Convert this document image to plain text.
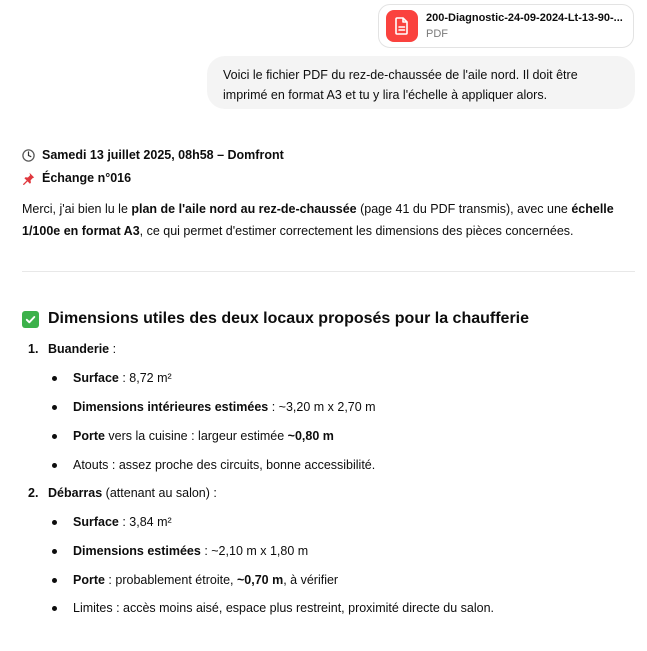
200-Diagnostic-24-09-2024-Lt-13-90-...
PDF
Voici le fichier PDF du rez-de-chaussée de l'aile nord. Il doit être imprimé en format A3 et tu y lira l'échelle à appliquer alors.
Samedi 13 juillet 2025, 08h58 – Domfront
Échange n°016
Merci, j'ai bien lu le plan de l'aile nord au rez-de-chaussée (page 41 du PDF transmis), avec une échelle 1/100e en format A3, ce qui permet d'estimer correctement les dimensions des pièces concernées.
Dimensions utiles des deux locaux proposés pour la chaufferie
1. Buanderie :
Surface : 8,72 m²
Dimensions intérieures estimées : ~3,20 m x 2,70 m
Porte vers la cuisine : largeur estimée ~0,80 m
Atouts : assez proche des circuits, bonne accessibilité.
2. Débarras (attenant au salon) :
Surface : 3,84 m²
Dimensions estimées : ~2,10 m x 1,80 m
Porte : probablement étroite, ~0,70 m, à vérifier
Limites : accès moins aisé, espace plus restreint, proximité directe du salon.
